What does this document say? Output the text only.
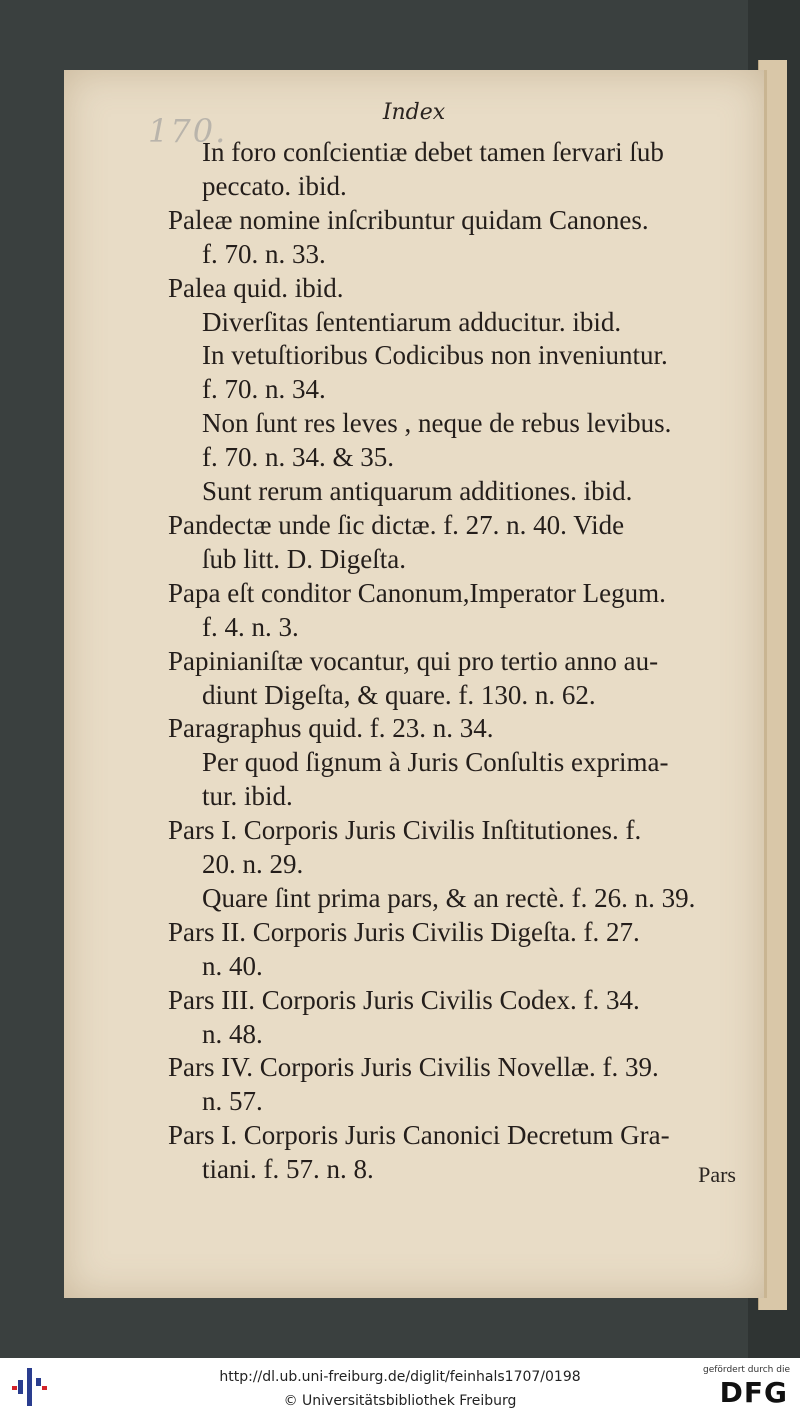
170.	Index
In foro conſcientiæ debet tamen ſervari ſub
peccato. ibid.
Paleæ nomine inſcribuntur quidam Canones.
f. 70. n. 33.
Palea quid. ibid.
Diverſitas ſententiarum adducitur. ibid.
In vetuſtioribus Codicibus non inveniuntur.
f. 70. n. 34.
Non ſunt res leves , neque de rebus levibus.
f. 70. n. 34. & 35.
Sunt rerum antiquarum additiones. ibid.
Pandectæ unde ſic dictæ. f. 27. n. 40. Vide
ſub litt. D. Digeſta.
Papa eſt conditor Canonum,Imperator Legum.
f. 4. n. 3.
Papinianiſtæ vocantur, qui pro tertio anno au-
diunt Digeſta, & quare. f. 130. n. 62.
Paragraphus quid. f. 23. n. 34.
Per quod ſignum à Juris Conſultis exprima-
tur. ibid.
Pars I. Corporis Juris Civilis Inſtitutiones. f.
20. n. 29.
Quare ſint prima pars, & an rectè. f. 26. n. 39.
Pars II. Corporis Juris Civilis Digeſta. f. 27.
n. 40.
Pars III. Corporis Juris Civilis Codex. f. 34.
n. 48.
Pars IV. Corporis Juris Civilis Novellæ. f. 39.
n. 57.
Pars I. Corporis Juris Canonici Decretum Gra-
tiani. f. 57. n. 8.	Pars
http://dl.ub.uni-freiburg.de/diglit/feinhals1707/0198
© Universitätsbibliothek Freiburg
gefördert durch die
DFG
